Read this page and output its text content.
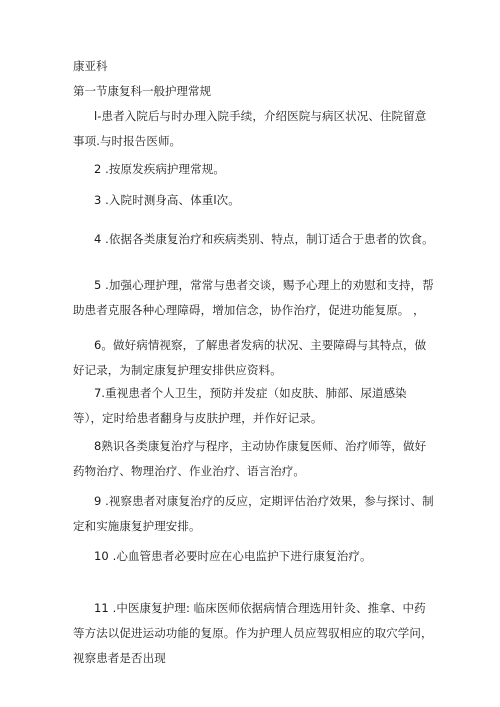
康亚科
第一节康复科一般护理常规
l-患者入院后与时办理入院手续，介绍医院与病区状况、住院留意事项.与时报告医师。
2 .按原发疾病护理常规。
3 .入院时测身高、体重l次。
4 .依据各类康复治疗和疾病类别、特点，制订适合于患者的饮食。
5 .加强心理护理，常常与患者交谈，赐予心理上的劝慰和支持，帮助患者克服各种心理障碍，增加信念，协作治疗，促进功能复原。 ，
6。做好病情视察，了解患者发病的状况、主要障碍与其特点，做好记录，为制定康复护理安排供应资料。
7.重视患者个人卫生，预防并发症（如皮肤、肺部、尿道感染等），定时给患者翻身与皮肤护理，并作好记录。
8熟识各类康复治疗与程序，主动协作康复医师、治疗师等，做好药物治疗、物理治疗、作业治疗、语言治疗。
9 .视察患者对康复治疗的反应，定期评估治疗效果，参与探讨、制定和实施康复护理安排。
10 .心血管患者必要时应在心电监护下进行康复治疗。
11 .中医康复护理: 临床医师依据病情合理选用针灸、推拿、中药等方法以促进运动功能的复原。作为护理人员应驾驭相应的取穴学问，视察患者是否出现
